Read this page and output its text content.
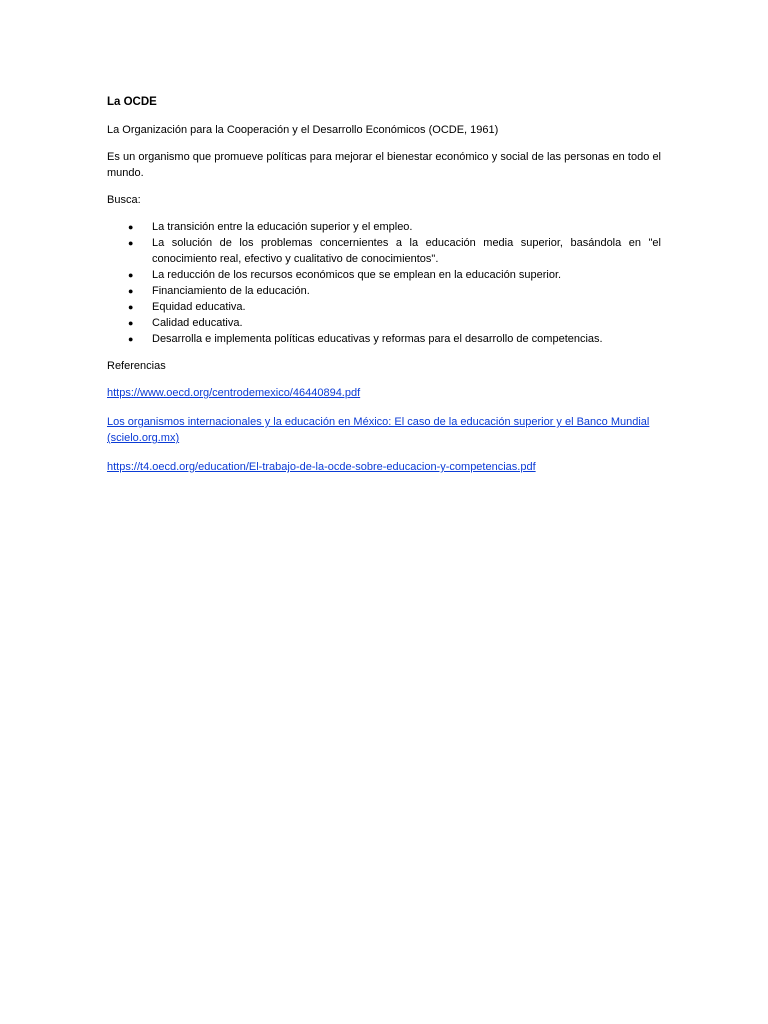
La OCDE
La Organización para la Cooperación y el Desarrollo Económicos (OCDE, 1961)
Es un organismo que promueve políticas para mejorar el bienestar económico y social de las personas en todo el mundo.
Busca:
● La transición entre la educación superior y el empleo.
● La solución de los problemas concernientes a la educación media superior, basándola en "el conocimiento real, efectivo y cualitativo de conocimientos".
● La reducción de los recursos económicos que se emplean en la educación superior.
● Financiamiento de la educación.
● Equidad educativa.
● Calidad educativa.
● Desarrolla e implementa políticas educativas y reformas para el desarrollo de competencias.
Referencias
https://www.oecd.org/centrodemexico/46440894.pdf
Los organismos internacionales y la educación en México: El caso de la educación superior y el Banco Mundial (scielo.org.mx)
https://t4.oecd.org/education/El-trabajo-de-la-ocde-sobre-educacion-y-competencias.pdf
